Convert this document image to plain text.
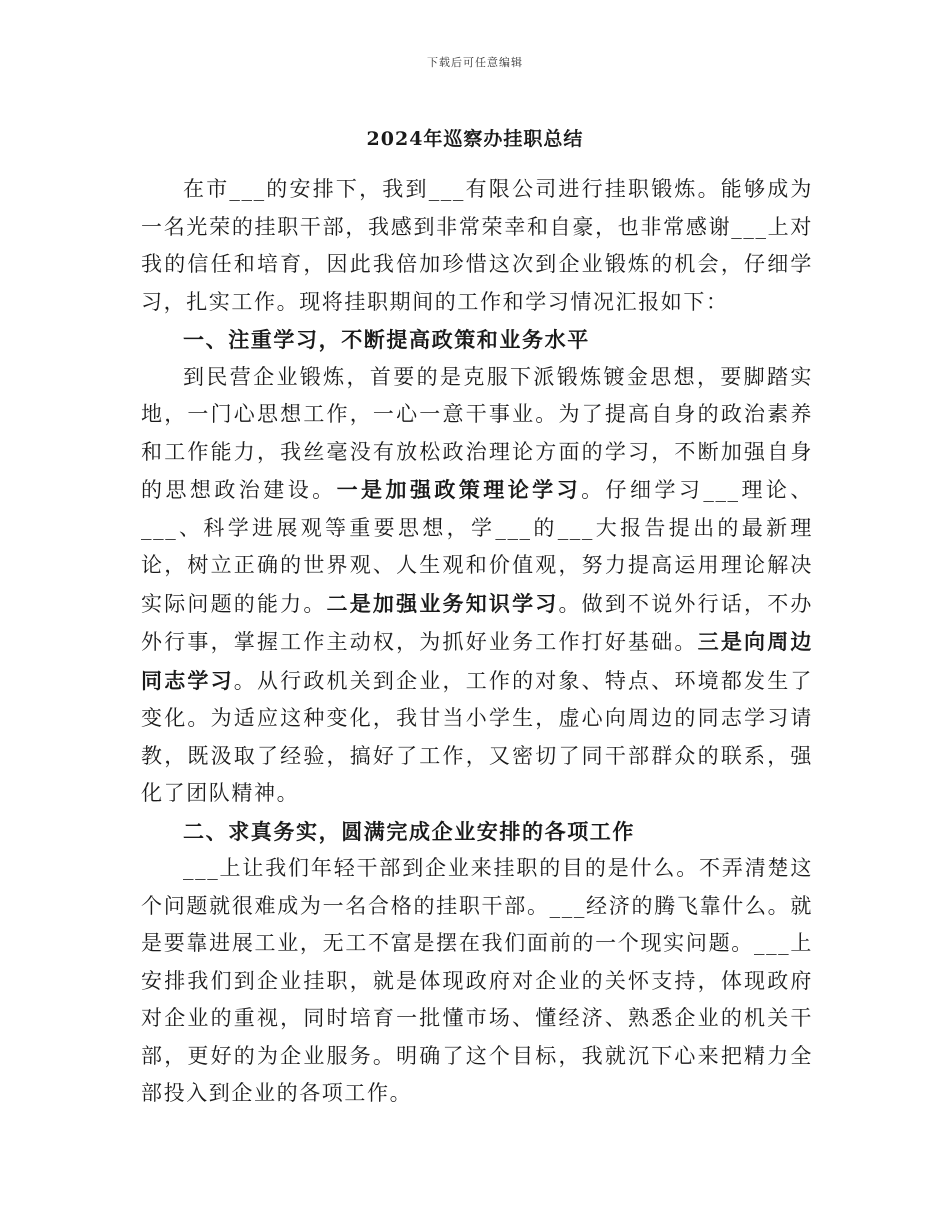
下载后可任意编辑
2024年巡察办挂职总结

在市___的安排下，我到___有限公司进行挂职锻炼。能够成为一名光荣的挂职干部，我感到非常荣幸和自豪，也非常感谢___上对我的信任和培育，因此我倍加珍惜这次到企业锻炼的机会，仔细学习，扎实工作。现将挂职期间的工作和学习情况汇报如下：

一、注重学习，不断提高政策和业务水平

到民营企业锻炼，首要的是克服下派锻炼镀金思想，要脚踏实地，一门心思想工作，一心一意干事业。为了提高自身的政治素养和工作能力，我丝毫没有放松政治理论方面的学习，不断加强自身的思想政治建设。一是加强政策理论学习。仔细学习___理论、___、科学进展观等重要思想，学___的___大报告提出的最新理论，树立正确的世界观、人生观和价值观，努力提高运用理论解决实际问题的能力。二是加强业务知识学习。做到不说外行话，不办外行事，掌握工作主动权，为抓好业务工作打好基础。三是向周边同志学习。从行政机关到企业，工作的对象、特点、环境都发生了变化。为适应这种变化，我甘当小学生，虚心向周边的同志学习请教，既汲取了经验，搞好了工作，又密切了同干部群众的联系，强化了团队精神。

二、求真务实，圆满完成企业安排的各项工作

___上让我们年轻干部到企业来挂职的目的是什么。不弄清楚这个问题就很难成为一名合格的挂职干部。___经济的腾飞靠什么。就是要靠进展工业，无工不富是摆在我们面前的一个现实问题。___上安排我们到企业挂职，就是体现政府对企业的关怀支持，体现政府对企业的重视，同时培育一批懂市场、懂经济、熟悉企业的机关干部，更好的为企业服务。明确了这个目标，我就沉下心来把精力全部投入到企业的各项工作。
